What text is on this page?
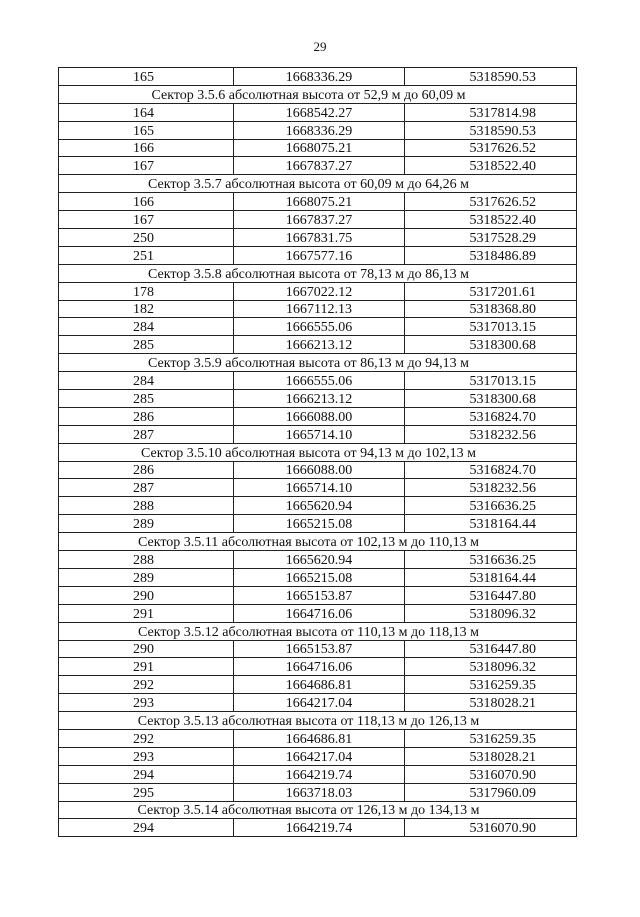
29
165	1668336.29	5318590.53
Сектор 3.5.6 абсолютная высота от 52,9 м до 60,09 м		
164	1668542.27	5317814.98
165	1668336.29	5318590.53
166	1668075.21	5317626.52
167	1667837.27	5318522.40
Сектор 3.5.7 абсолютная высота от 60,09 м до 64,26 м		
166	1668075.21	5317626.52
167	1667837.27	5318522.40
250	1667831.75	5317528.29
251	1667577.16	5318486.89
Сектор 3.5.8 абсолютная высота от 78,13 м до 86,13 м		
178	1667022.12	5317201.61
182	1667112.13	5318368.80
284	1666555.06	5317013.15
285	1666213.12	5318300.68
Сектор 3.5.9 абсолютная высота от 86,13 м до 94,13 м		
284	1666555.06	5317013.15
285	1666213.12	5318300.68
286	1666088.00	5316824.70
287	1665714.10	5318232.56
Сектор 3.5.10 абсолютная высота от 94,13 м до 102,13 м		
286	1666088.00	5316824.70
287	1665714.10	5318232.56
288	1665620.94	5316636.25
289	1665215.08	5318164.44
Сектор 3.5.11 абсолютная высота от 102,13 м до 110,13 м		
288	1665620.94	5316636.25
289	1665215.08	5318164.44
290	1665153.87	5316447.80
291	1664716.06	5318096.32
Сектор 3.5.12 абсолютная высота от 110,13 м до 118,13 м		
290	1665153.87	5316447.80
291	1664716.06	5318096.32
292	1664686.81	5316259.35
293	1664217.04	5318028.21
Сектор 3.5.13 абсолютная высота от 118,13 м до 126,13 м		
292	1664686.81	5316259.35
293	1664217.04	5318028.21
294	1664219.74	5316070.90
295	1663718.03	5317960.09
Сектор 3.5.14 абсолютная высота от 126,13 м до 134,13 м		
294	1664219.74	5316070.90
